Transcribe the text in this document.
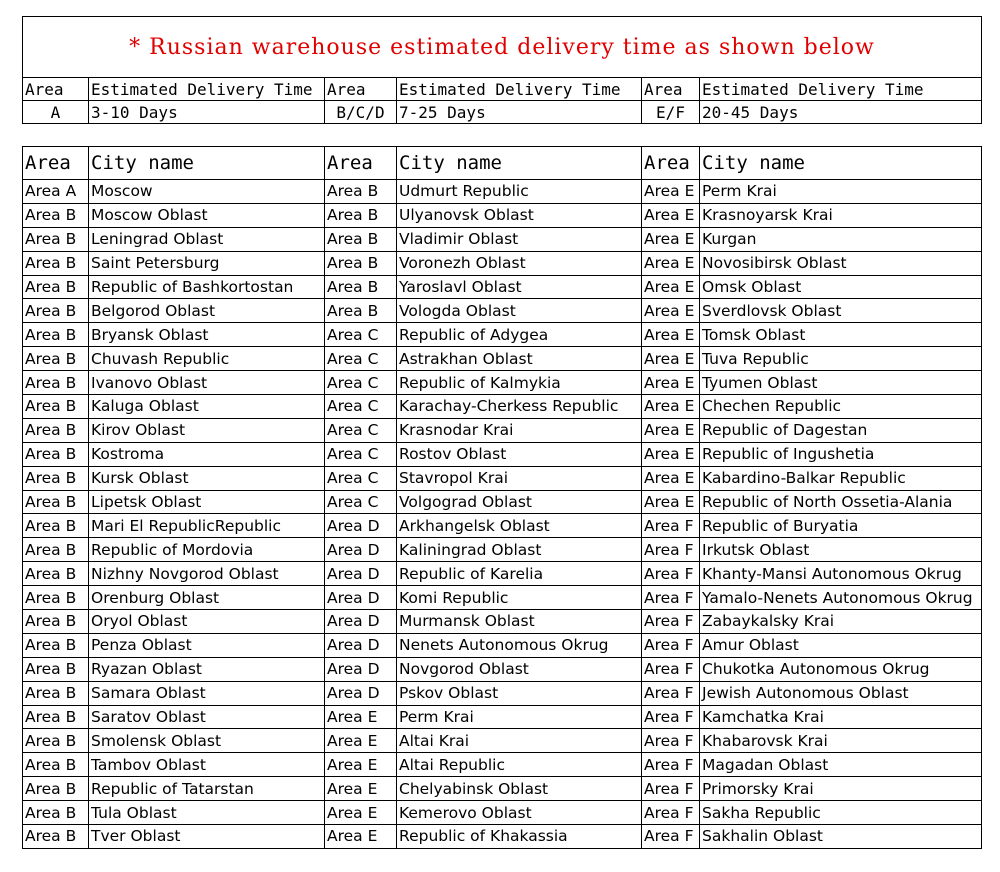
* Russian warehouse estimated delivery time as shown below					
Area	Estimated Delivery Time	Area	Estimated Delivery Time	Area	Estimated Delivery Time
A	3-10 Days	B/C/D	7-25 Days	E/F	20-45 Days
Area	City name	Area	City name	Area	City name
Area A	Moscow	Area B	Udmurt Republic	Area E	Perm Krai
Area B	Moscow Oblast	Area B	Ulyanovsk Oblast	Area E	Krasnoyarsk Krai
Area B	Leningrad Oblast	Area B	Vladimir Oblast	Area E	Kurgan
Area B	Saint Petersburg	Area B	Voronezh Oblast	Area E	Novosibirsk Oblast
Area B	Republic of Bashkortostan	Area B	Yaroslavl Oblast	Area E	Omsk Oblast
Area B	Belgorod Oblast	Area B	Vologda Oblast	Area E	Sverdlovsk Oblast
Area B	Bryansk Oblast	Area C	Republic of Adygea	Area E	Tomsk Oblast
Area B	Chuvash Republic	Area C	Astrakhan Oblast	Area E	Tuva Republic
Area B	Ivanovo Oblast	Area C	Republic of Kalmykia	Area E	Tyumen Oblast
Area B	Kaluga Oblast	Area C	Karachay-Cherkess Republic	Area E	Chechen Republic
Area B	Kirov Oblast	Area C	Krasnodar Krai	Area E	Republic of Dagestan
Area B	Kostroma	Area C	Rostov Oblast	Area E	Republic of Ingushetia
Area B	Kursk Oblast	Area C	Stavropol Krai	Area E	Kabardino-Balkar Republic
Area B	Lipetsk Oblast	Area C	Volgograd Oblast	Area E	Republic of North Ossetia-Alania
Area B	Mari El RepublicRepublic	Area D	Arkhangelsk Oblast	Area F	Republic of Buryatia
Area B	Republic of Mordovia	Area D	Kaliningrad Oblast	Area F	Irkutsk Oblast
Area B	Nizhny Novgorod Oblast	Area D	Republic of Karelia	Area F	Khanty-Mansi Autonomous Okrug
Area B	Orenburg Oblast	Area D	Komi Republic	Area F	Yamalo-Nenets Autonomous Okrug
Area B	Oryol Oblast	Area D	Murmansk Oblast	Area F	Zabaykalsky Krai
Area B	Penza Oblast	Area D	Nenets Autonomous Okrug	Area F	Amur Oblast
Area B	Ryazan Oblast	Area D	Novgorod Oblast	Area F	Chukotka Autonomous Okrug
Area B	Samara Oblast	Area D	Pskov Oblast	Area F	Jewish Autonomous Oblast
Area B	Saratov Oblast	Area E	Perm Krai	Area F	Kamchatka Krai
Area B	Smolensk Oblast	Area E	Altai Krai	Area F	Khabarovsk Krai
Area B	Tambov Oblast	Area E	Altai Republic	Area F	Magadan Oblast
Area B	Republic of Tatarstan	Area E	Chelyabinsk Oblast	Area F	Primorsky Krai
Area B	Tula Oblast	Area E	Kemerovo Oblast	Area F	Sakha Republic
Area B	Tver Oblast	Area E	Republic of Khakassia	Area F	Sakhalin Oblast
